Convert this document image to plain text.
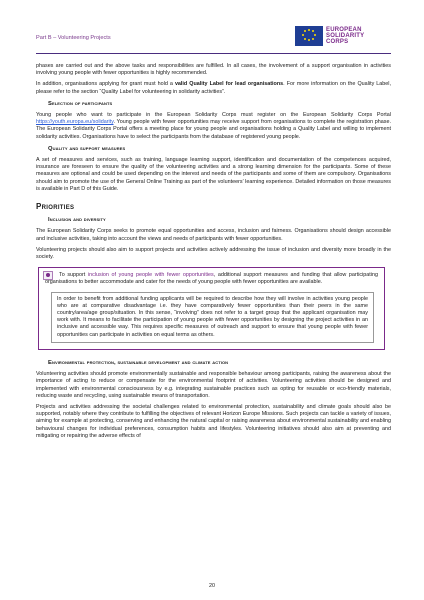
Part B – Volunteering Projects
EUROPEAN
SOLIDARITY
CORPS

phases are carried out and the above tasks and responsibilities are fulfilled. In all cases, the involvement of a support organisation in activities involving young people with fewer opportunities is highly recommended.

In addition, organisations applying for grant must hold a valid Quality Label for lead organisations. For more information on the Quality Label, please refer to the section “Quality Label for volunteering in solidarity activities”.

Selection of participants

Young people who want to participate in the European Solidarity Corps must register on the European Solidarity Corps Portal https://youth.europa.eu/solidarity. Young people with fewer opportunities may receive support from organisations to complete the registration phase. The European Solidarity Corps Portal offers a meeting place for young people and organisations holding a Quality Label and willing to implement solidarity activities. Organisations have to select the participants from the database of registered young people.

Quality and support measures

A set of measures and services, such as training, language learning support, identification and documentation of the competences acquired, insurance are foreseen to ensure the quality of the volunteering activities and a strong learning dimension for the participants. Some of these measures are optional and could be used depending on the interest and needs of the participants and some of them are compulsory. Organisations should aim to promote the use of the General Online Training as part of the volunteers’ learning experience. Detailed information on those measures is available in Part D of this Guide.

Priorities
Inclusion and diversity

The European Solidarity Corps seeks to promote equal opportunities and access, inclusion and fairness. Organisations should design accessible and inclusive activities, taking into account the views and needs of participants with fewer opportunities.

Volunteering projects should also aim to support projects and activities actively addressing the issue of inclusion and diversity more broadly in the society.

To support inclusion of young people with fewer opportunities, additional support measures and funding that allow participating organisations to better accommodate and cater for the needs of young people with fewer opportunities are available.

In order to benefit from additional funding applicants will be required to describe how they will involve in activities young people who are at comparative disadvantage i.e. they have comparatively fewer opportunities than their peers in the same country/area/age group/situation. In this sense, “involving” does not refer to a target group that the applicant organisation may work with. It means to facilitate the participation of young people with fewer opportunities by designing the project activities in an inclusive and accessible way. This requires specific measures of outreach and support to ensure that young people with fewer opportunities can participate in activities on equal terms as others.
Environmental protection, sustainable development and climate action

Volunteering activities should promote environmentally sustainable and responsible behaviour among participants, raising the awareness about the importance of acting to reduce or compensate for the environmental footprint of activities. Volunteering activities should be designed and implemented with environmental consciousness by e.g. integrating sustainable practices such as opting for reusable or eco-friendly materials, reducing waste and recycling, using sustainable means of transportation.

Projects and activities addressing the societal challenges related to environmental protection, sustainability and climate goals should also be supported, notably where they contribute to fulfilling the objectives of relevant Horizon Europe Missions. Such projects can tackle a variety of issues, aiming for example at protecting, conserving and enhancing the natural capital or raising awareness about environmental sustainability and enabling behavioural changes for individual preferences, consumption habits and lifestyles. Volunteering initiatives should also aim at preventing and mitigating or repairing the adverse effects of

20
